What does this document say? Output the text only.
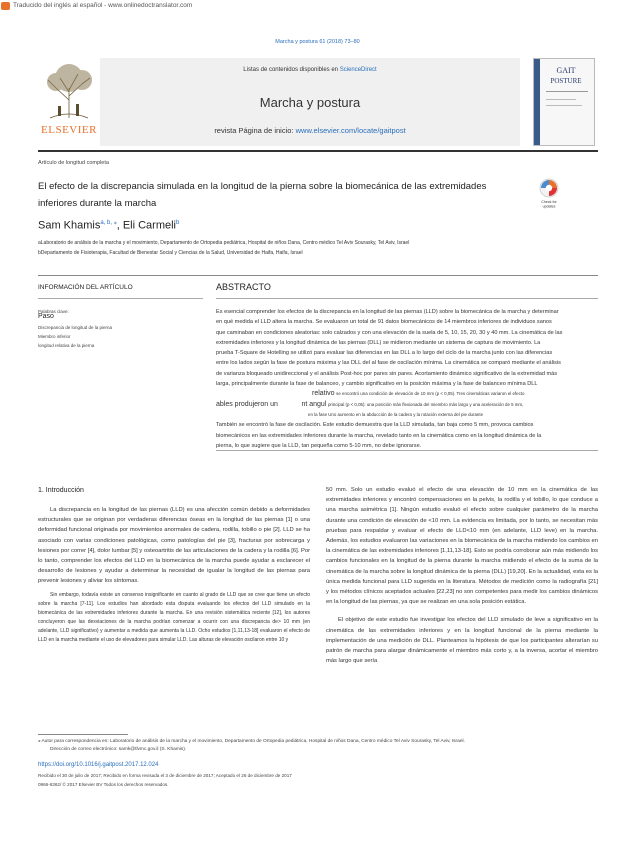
Traducido del inglés al español - www.onlinedoctranslator.com
Marcha y postura 61 (2018) 73–80
Listas de contenidos disponibles en ScienceDirect
Marcha y postura
revista Página de inicio: www.elsevier.com/locate/gaitpost
ELSEVIER
GAIT
POSTURE
Artículo de longitud completa
El efecto de la discrepancia simulada en la longitud de la pierna sobre la biomecánica de las extremidades inferiores durante la marcha	Check for
updates
Sam Khamis$^{a, b, ⁎}$, Eli Carmeli$^b$
aLaboratorio de análisis de la marcha y el movimiento, Departamento de Ortopedia pediátrica, Hospital de niños Dana, Centro médico Tel Aviv Sourasky, Tel Aviv, Israel
bDepartamento de Fisioterapia, Facultad de Bienestar Social y Ciencias de la Salud, Universidad de Haifa, Haifa, Israel
INFORMACIÓN DEL ARTÍCULO	ABSTRACTO
Palabras clave:
Paso
Discrepancia de longitud de la pierna
Miembro inferior
longitud relativa de la pierna
Es esencial comprender los efectos de la discrepancia en la longitud de las piernas (LLD) sobre la biomecánica de la marcha y determinar
en qué medida el LLD altera la marcha. Se evaluaron un total de 91 datos biomecánicos de 14 miembros inferiores de individuos sanos
que caminaban en condiciones aleatorias: solo calzados y con una elevación de la suela de 5, 10, 15, 20, 30 y 40 mm. La cinemática de las
extremidades inferiores y la longitud dinámica de las piernas (DLL) se midieron mediante un sistema de captura de movimiento. La
prueba T-Square de Hotelling se utilizó para evaluar las diferencias en las DLL a lo largo del ciclo de la marcha junto con las diferencias
entre los lados según la fase de postura máxima y las DLL del al fase de oscilación mínima. La cinemática se comparó mediante el análisis
de varianza bloqueado unidireccional y el análisis Post-hoc por pares sin pares. Acortamiento dinámico significativo de la extremidad más
larga, principalmente durante la fase de balanceo, y cambio significativo en la posición máxima y la fase de balanceo mínima DLL
relativo se encontró una condición de elevación de 10 mm (p < 0,05). Tres cinemáticas variaron el efecto
ables produjeron un	nt angul principal (p < 0,05): una posición más flexionada del miembro más largo y una aceleración de 5 mm,
en la fase Uno aumento en la abducción de la cadera y la rotación externa del pie durante
También se encontró la fase de oscilación. Este estudio demuestra que la LLD simulada, tan baja como 5 mm, provoca cambios
biomecánicos en las extremidades inferiores durante la marcha, revelado tanto en la cinemática como en la longitud dinámica de la
pierna, lo que sugiere que la LLD, tan pequeña como 5-10 mm, no debe ignorarse.
1. Introducción

La discrepancia en la longitud de las piernas (LLD) es una afección común debido a deformidades estructurales que se originan por verdaderas diferencias óseas en la longitud de las piernas [1] o una deformidad funcional originada por movimientos anormales de cadera, rodilla, tobillo o pie [2]. LLD se ha asociado con varias condiciones patológicas, como patologías del pie [3], fracturas por sobrecarga y lesiones por correr [4], dolor lumbar [5] y osteoartritis de las articulaciones de la cadera y la rodilla [6]. Por lo tanto, comprender los efectos del LLD en la biomecánica de la marcha puede ayudar a esclarecer el desarrollo de lesiones y ayudar a determinar la necesidad de igualar la longitud de las piernas para prevenir lesiones y aliviar los síntomas.

Sin embargo, todavía existe un consenso insignificante en cuanto al grado de LLD que se cree que tiene un efecto sobre la marcha [7-11]. Los estudios han abordado esta disputa evaluando los efectos del LLD simulado en la biomecánica de las extremidades inferiores durante la marcha. En una revisión sistemática reciente [12], los autores concluyeron que las desviaciones de la marcha podrían comenzar a ocurrir con una discrepancia de> 10 mm (en adelante, LLD significativo) y aumentar a medida que aumenta la LLD. Ocho estudios [1,11,13-18] evaluaron el efecto de LLD en la marcha mediante el uso de elevadores para simular LLD. Las alturas de elevación oscilaron entre 10 y

50 mm. Solo un estudio evaluó el efecto de una elevación de 10 mm en la cinemática de las extremidades inferiores y encontró compensaciones en la pelvis, la rodilla y el tobillo, lo que conduce a una marcha asimétrica [1]. Ningún estudio evaluó el efecto sobre cualquier parámetro de la marcha durante una condición de elevación de <10 mm. La evidencia es limitada, por lo tanto, se necesitan más pruebas para respaldar y evaluar el efecto de LLD<10 mm (en adelante, LLD leve) en la marcha. Además, los estudios evaluaron las variaciones en la biomecánica de la marcha midiendo los cambios en la cinemática de las extremidades inferiores [1,11,13-18]. Esto se podría corroborar aún más midiendo los cambios funcionales en la longitud de la pierna durante la marcha midiendo el efecto de la suma de la cinemática de la marcha sobre la longitud dinámica de la pierna (DLL) [19,20]. En la actualidad, esta es la única medida funcional para LLD sugerida en la literatura. Métodos de medición como la radiografía [21] y los métodos clínicos aceptados actuales [22,23] no son competentes para medir los cambios dinámicos en la longitud de las piernas, ya que se realizan en una sola posición estática.

El objetivo de este estudio fue investigar los efectos del LLD simulado de leve a significativo en la cinemática de las extremidades inferiores y en la longitud funcional de la pierna mediante la implementación de una medición de DLL. Planteamos la hipótesis de que los participantes alterarían su patrón de marcha para alargar dinámicamente el miembro más corto y, a la inversa, acortar el miembro más largo que sería

⁎ Autor para correspondencia en: Laboratorio de análisis de la marcha y el movimiento, Departamento de Ortopedia pediátrica, Hospital de niños Dana, Centro médico Tel Aviv Sourasky, Tel Aviv, Israel.
Dirección de correo electrónico: samk@tlvmc.gov.il (S. Khamis).
https://doi.org/10.1016/j.gaitpost.2017.12.024
Recibido el 30 de julio de 2017; Recibido en forma revisada el 3 de diciembre de 2017; Aceptado el 26 de diciembre de 2017
0966-6362/ © 2017 Elsevier BV Todos los derechos reservados.
